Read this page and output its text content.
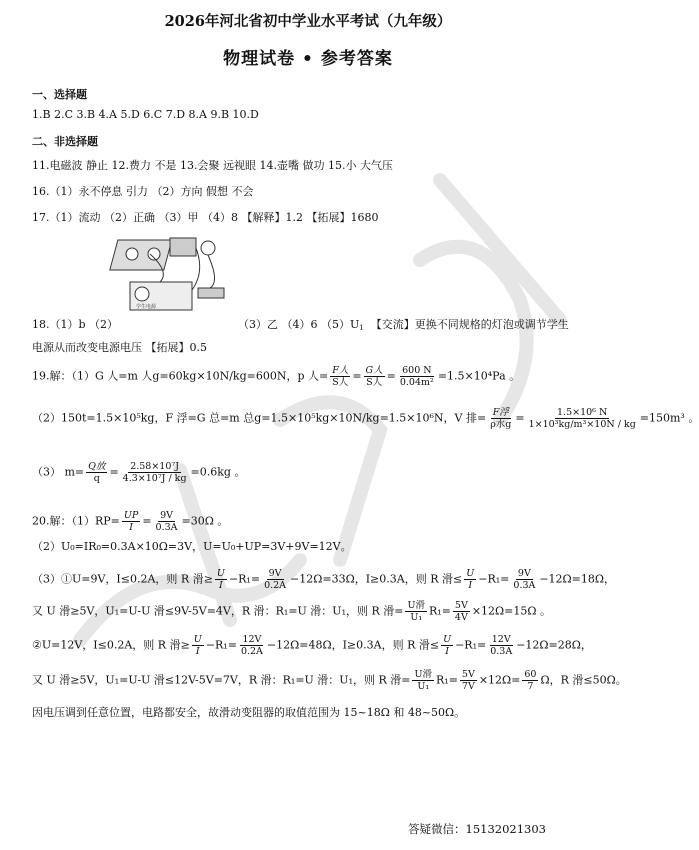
2026年河北省初中学业水平考试（九年级）
物理试卷 • 参考答案
一、选择题
1.B 2.C 3.B 4.A 5.D 6.C 7.D 8.A 9.B 10.D
二、非选择题
11.电磁波 静止 12.费力 不是 13.会聚 远视眼 14.壶嘴 做功 15.小 大气压
16.（1）永不停息 引力 （2）方向 假想 不会
17.（1）流动 （2）正确 （3）甲 （4）8 【解释】1.2 【拓展】1680
学生电源
18.（1）b （2）	（3）乙 （4）6 $(5)U_1$ 【交流】更换不同规格的灯泡或调节学生
电源从而改变电源电压 【拓展】0.5
19.解：（1）G 人=m 人g=60kg×10N/kg=600N，p 人= $\frac{\text{F人}}{\text{S人}} = \frac{\text{G人}}{\text{S人}} = \frac{600 N}{\text{0.04m²}} =1.5\times 10^4Pa$ 。
（2）150t=1.5×10⁵kg，F 浮=G 总=m 总g=1.5×10⁵kg×10N/kg=1.5×10⁶N，V 排= $\frac{\text{F浮}}{\text{ρ水g}} = \frac{\text{1.5×10⁶ N}}{\text{1×10³kg/m³×10N / kg}} =150m^3$ 。
（3） $m= \frac{\text{Q放}}{q} = \frac{\text{2.58×10⁷J}}{\text{4.3×10⁷J / kg}} =0.6kg$ 。
20.解：$(1)RP= \frac{UP}{I} = \frac{9V}{0.3A} =30\Omega$ 。
（2）U₀=IR₀=0.3A×10Ω=3V，U=U₀+UP=3V+9V=12V。
（3）①U=9V，I≤0.2A，则 R 滑≥ $\frac{U}{I} -R_1= \frac{9V}{0.2A} -12\Omega=33\Omega$，I≥0.3A，则 R 滑≤ $\frac{U}{I} -R_1= \frac{9V}{0.3A} -12\Omega=18\Omega$，
又 U 滑≥5V，U₁=U-U 滑≤9V-5V=4V，R 滑：R₁=U 滑：U₁，则 R 滑= $\frac{\text{U滑}}{\text{U₁}} R_1= \frac{5V}{4V} \times 12\Omega=15\Omega$ 。
②U=12V，I≤0.2A，则 R 滑≥ $\frac{U}{I} -R_1= \frac{12V}{0.2A} -12\Omega=48\Omega$，I≥0.3A，则 R 滑≤ $\frac{U}{I} -R_1= \frac{12V}{0.3A} -12\Omega=28\Omega$，
又 U 滑≥5V，U₁=U-U 滑≤12V-5V=7V，R 滑：R₁=U 滑：U₁，则 R 滑= $\frac{\text{U滑}}{\text{U₁}} R_1= \frac{5V}{7V} \times 12\Omega= \frac{60}{7}$ Ω，R 滑≤50Ω。
因电压调到任意位置，电路都安全，故滑动变阻器的取值范围为 15~18Ω 和 48~50Ω。
答疑微信：15132021303
